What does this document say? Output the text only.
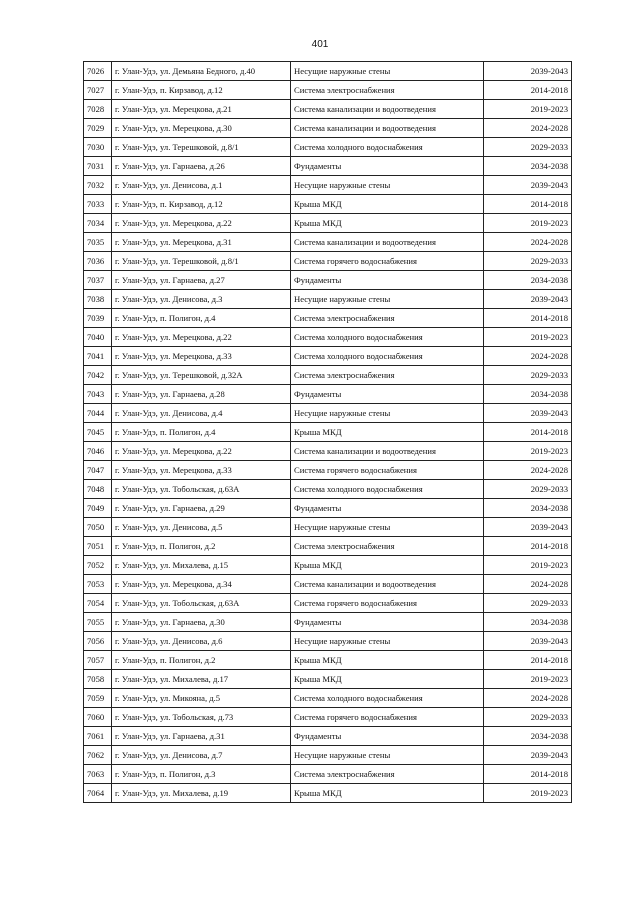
401
7026	г. Улан-Удэ, ул. Демьяна Бедного, д.40	Несущие наружные стены	2039-2043
7027	г. Улан-Удэ, п. Кирзавод, д.12	Система электроснабжения	2014-2018
7028	г. Улан-Удэ, ул. Мерецкова, д.21	Система канализации и водоотведения	2019-2023
7029	г. Улан-Удэ, ул. Мерецкова, д.30	Система канализации и водоотведения	2024-2028
7030	г. Улан-Удэ, ул. Терешковой, д.8/1	Система холодного водоснабжения	2029-2033
7031	г. Улан-Удэ, ул. Гарнаева, д.26	Фундаменты	2034-2038
7032	г. Улан-Удэ, ул. Денисова, д.1	Несущие наружные стены	2039-2043
7033	г. Улан-Удэ, п. Кирзавод, д.12	Крыша МКД	2014-2018
7034	г. Улан-Удэ, ул. Мерецкова, д.22	Крыша МКД	2019-2023
7035	г. Улан-Удэ, ул. Мерецкова, д.31	Система канализации и водоотведения	2024-2028
7036	г. Улан-Удэ, ул. Терешковой, д.8/1	Система горячего водоснабжения	2029-2033
7037	г. Улан-Удэ, ул. Гарнаева, д.27	Фундаменты	2034-2038
7038	г. Улан-Удэ, ул. Денисова, д.3	Несущие наружные стены	2039-2043
7039	г. Улан-Удэ, п. Полигон, д.4	Система электроснабжения	2014-2018
7040	г. Улан-Удэ, ул. Мерецкова, д.22	Система холодного водоснабжения	2019-2023
7041	г. Улан-Удэ, ул. Мерецкова, д.33	Система холодного водоснабжения	2024-2028
7042	г. Улан-Удэ, ул. Терешковой, д.32А	Система электроснабжения	2029-2033
7043	г. Улан-Удэ, ул. Гарнаева, д.28	Фундаменты	2034-2038
7044	г. Улан-Удэ, ул. Денисова, д.4	Несущие наружные стены	2039-2043
7045	г. Улан-Удэ, п. Полигон, д.4	Крыша МКД	2014-2018
7046	г. Улан-Удэ, ул. Мерецкова, д.22	Система канализации и водоотведения	2019-2023
7047	г. Улан-Удэ, ул. Мерецкова, д.33	Система горячего водоснабжения	2024-2028
7048	г. Улан-Удэ, ул. Тобольская, д.63А	Система холодного водоснабжения	2029-2033
7049	г. Улан-Удэ, ул. Гарнаева, д.29	Фундаменты	2034-2038
7050	г. Улан-Удэ, ул. Денисова, д.5	Несущие наружные стены	2039-2043
7051	г. Улан-Удэ, п. Полигон, д.2	Система электроснабжения	2014-2018
7052	г. Улан-Удэ, ул. Михалева, д.15	Крыша МКД	2019-2023
7053	г. Улан-Удэ, ул. Мерецкова, д.34	Система канализации и водоотведения	2024-2028
7054	г. Улан-Удэ, ул. Тобольская, д.63А	Система горячего водоснабжения	2029-2033
7055	г. Улан-Удэ, ул. Гарнаева, д.30	Фундаменты	2034-2038
7056	г. Улан-Удэ, ул. Денисова, д.6	Несущие наружные стены	2039-2043
7057	г. Улан-Удэ, п. Полигон, д.2	Крыша МКД	2014-2018
7058	г. Улан-Удэ, ул. Михалева, д.17	Крыша МКД	2019-2023
7059	г. Улан-Удэ, ул. Микояна, д.5	Система холодного водоснабжения	2024-2028
7060	г. Улан-Удэ, ул. Тобольская, д.73	Система горячего водоснабжения	2029-2033
7061	г. Улан-Удэ, ул. Гарнаева, д.31	Фундаменты	2034-2038
7062	г. Улан-Удэ, ул. Денисова, д.7	Несущие наружные стены	2039-2043
7063	г. Улан-Удэ, п. Полигон, д.3	Система электроснабжения	2014-2018
7064	г. Улан-Удэ, ул. Михалева, д.19	Крыша МКД	2019-2023
